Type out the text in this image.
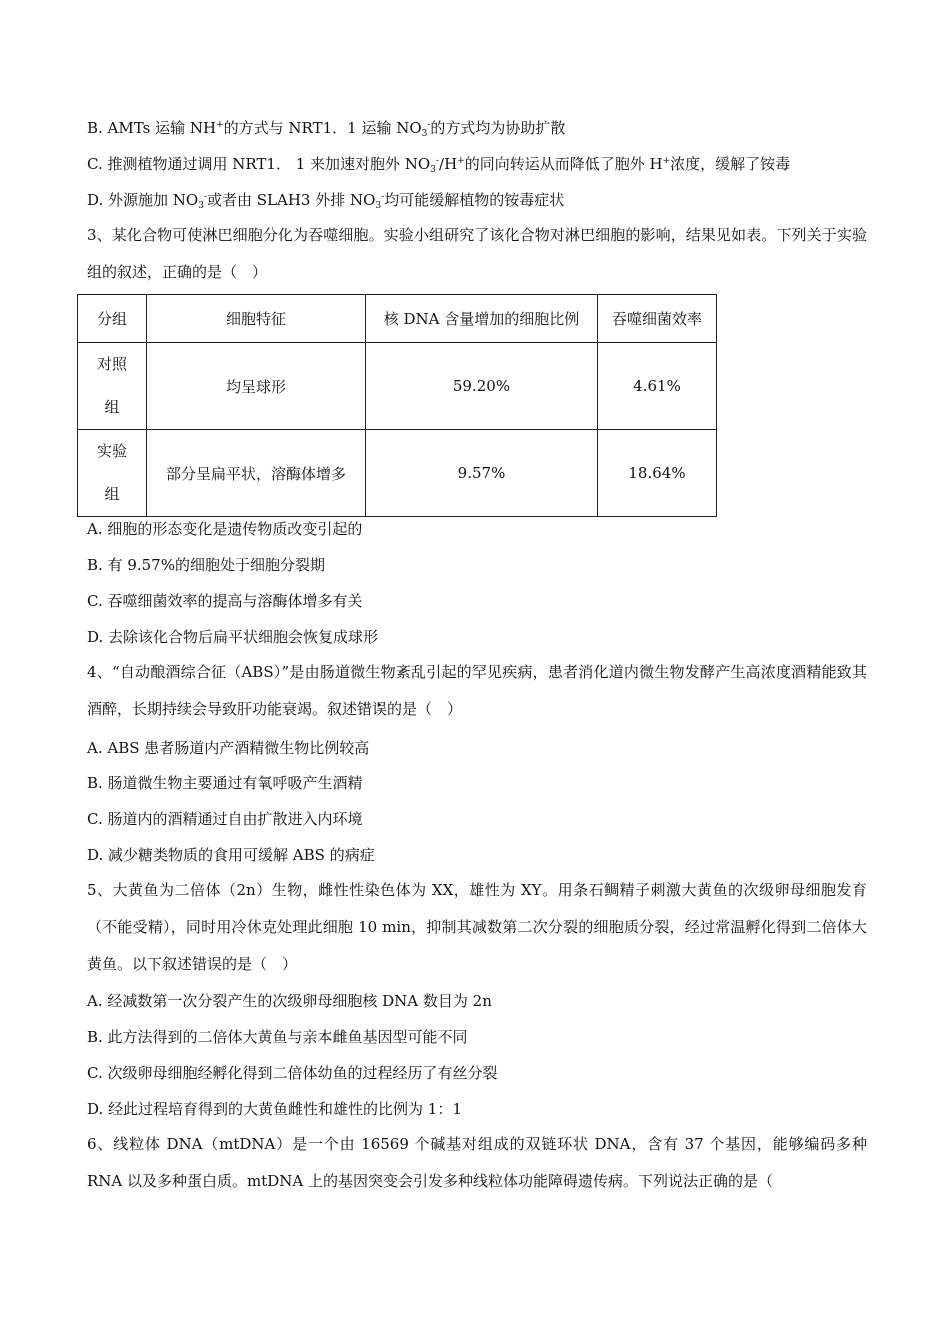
B. AMTs 运输 NH+的方式与 NRT1．1 运输 $NO_3^-$的方式均为协助扩散
C. 推测植物通过调用 NRT1． 1 来加速对胞外 $NO_3^-/H^+$的同向转运从而降低了胞外 H+浓度，缓解了铵毒
D. 外源施加 $NO_3^-$或者由 SLAH3 外排 $NO_3^-$均可能缓解植物的铵毒症状
3、某化合物可使淋巴细胞分化为吞噬细胞。实验小组研究了该化合物对淋巴细胞的影响，结果见如表。下列关于实验组的叙述，正确的是（　）
分组	细胞特征	核 DNA 含量增加的细胞比例	吞噬细菌效率
对照
组	均呈球形	59.20%	4.61%
实验
组	部分呈扁平状，溶酶体增多	9.57%	18.64%
A. 细胞的形态变化是遗传物质改变引起的
B. 有 9.57%的细胞处于细胞分裂期
C. 吞噬细菌效率的提高与溶酶体增多有关
D. 去除该化合物后扁平状细胞会恢复成球形
4、“自动酿酒综合征（ABS）”是由肠道微生物紊乱引起的罕见疾病，患者消化道内微生物发酵产生高浓度酒精能致其酒醉，长期持续会导致肝功能衰竭。叙述错误的是（　）
A. ABS 患者肠道内产酒精微生物比例较高
B. 肠道微生物主要通过有氧呼吸产生酒精
C. 肠道内的酒精通过自由扩散进入内环境
D. 减少糖类物质的食用可缓解 ABS 的病症
5、大黄鱼为二倍体（2n）生物，雌性性染色体为 XX，雄性为 XY。用条石鲷精子刺激大黄鱼的次级卵母细胞发育（不能受精），同时用冷休克处理此细胞 10 min，抑制其减数第二次分裂的细胞质分裂，经过常温孵化得到二倍体大黄鱼。以下叙述错误的是（　）
A. 经减数第一次分裂产生的次级卵母细胞核 DNA 数目为 2n
B. 此方法得到的二倍体大黄鱼与亲本雌鱼基因型可能不同
C. 次级卵母细胞经孵化得到二倍体幼鱼的过程经历了有丝分裂
D. 经此过程培育得到的大黄鱼雌性和雄性的比例为 1：1
6、线粒体 DNA（mtDNA）是一个由 16569 个碱基对组成的双链环状 DNA，含有 37 个基因，能够编码多种 RNA 以及多种蛋白质。mtDNA 上的基因突变会引发多种线粒体功能障碍遗传病。下列说法正确的是（
